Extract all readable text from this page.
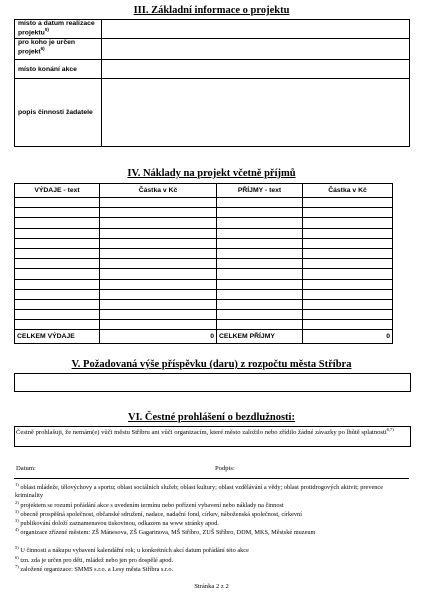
III. Základní informace o projektu
místo a datum realizace projektu$^{5)}$	
pro koho je určen projekt$^{6)}$	
místo konání akce	
popis činnosti žadatele	
IV. Náklady na projekt včetně příjmů
VÝDAJE - text	Částka v Kč	PŘÍJMY - text	Částka v Kč

CELKEM VÝDAJE	0	CELKEM PŘÍJMY	0
V. Požadovaná výše příspěvku (daru) z rozpočtu města Stříbra
VI. Čestné prohlášení o bezdlužnosti:
Čestně prohlašuji, že nemám(e) vůči městu Stříbru ani vůči organizacím, které město založilo nebo zřídilo žádné závazky po lhůtě splatnosti$^{6,7)}$
Datum:	Podpis:
$^{1)}$ oblast mládeže, tělovýchovy a sportu; oblast sociálních služeb; oblast kultury; oblast vzdělávání a vědy; oblast protidrogových aktivit; prevence kriminality
$^{2)}$ projektem se rozumí pořádání akce s uvedením termínu nebo pořízení vybavení nebo náklady na činnost
$^{3)}$ obecně prospěšná společnost, občanské sdružení, nadace, nadační fond, církev, náboženská společnost, církevní
$^{3)}$ publikování doloží zaznamenavou tiskovinou, odkazem na www stránky apod.
$^{4)}$ organizace zřízené městem: ZŠ Mánesova, ZŠ Gagarinova, MŠ Stříbro, ZUŠ Stříbro, DDM, MKS, Městské muzeum
$^{5)}$ U činnosti a nákupu vybavení kalendářní rok; u konkrétních akcí datum pořádání této akce
$^{6)}$ tzn. zda je určen pro děti, mládež nebo jen pro dospělé apod.
$^{7)}$ založené organizace: SMMS s.r.o. a Lesy města Stříbra s.r.o.
Stránka 2 z 2
